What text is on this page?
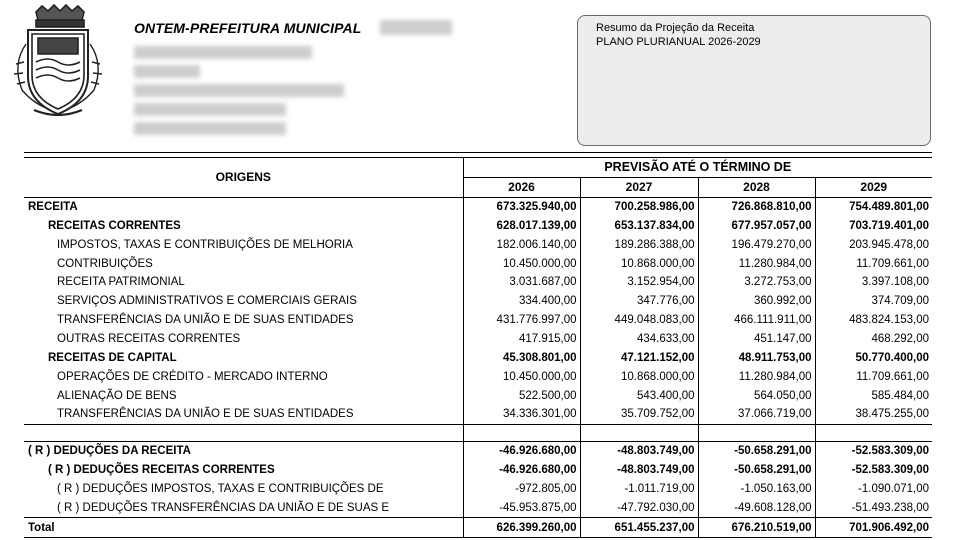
ONTEM-PREFEITURA MUNICIPAL	Resumo da Projeção da Receita
PLANO PLURIANUAL 2026-2029
ORIGENS	PREVISÃO ATÉ O TÉRMINO DE			
	2026	2027	2028	2029
RECEITA	673.325.940,00	700.258.986,00	726.868.810,00	754.489.801,00
RECEITAS CORRENTES	628.017.139,00	653.137.834,00	677.957.057,00	703.719.401,00
IMPOSTOS, TAXAS E CONTRIBUIÇÕES DE MELHORIA	182.006.140,00	189.286.388,00	196.479.270,00	203.945.478,00
CONTRIBUIÇÕES	10.450.000,00	10.868.000,00	11.280.984,00	11.709.661,00
RECEITA PATRIMONIAL	3.031.687,00	3.152.954,00	3.272.753,00	3.397.108,00
SERVIÇOS ADMINISTRATIVOS E COMERCIAIS GERAIS	334.400,00	347.776,00	360.992,00	374.709,00
TRANSFERÊNCIAS DA UNIÃO E DE SUAS ENTIDADES	431.776.997,00	449.048.083,00	466.111.911,00	483.824.153,00
OUTRAS RECEITAS CORRENTES	417.915,00	434.633,00	451.147,00	468.292,00
RECEITAS DE CAPITAL	45.308.801,00	47.121.152,00	48.911.753,00	50.770.400,00
OPERAÇÕES DE CRÉDITO - MERCADO INTERNO	10.450.000,00	10.868.000,00	11.280.984,00	11.709.661,00
ALIENAÇÃO DE BENS	522.500,00	543.400,00	564.050,00	585.484,00
TRANSFERÊNCIAS DA UNIÃO E DE SUAS ENTIDADES	34.336.301,00	35.709.752,00	37.066.719,00	38.475.255,00

( R ) DEDUÇÕES DA RECEITA	-46.926.680,00	-48.803.749,00	-50.658.291,00	-52.583.309,00
( R ) DEDUÇÕES RECEITAS CORRENTES	-46.926.680,00	-48.803.749,00	-50.658.291,00	-52.583.309,00
( R ) DEDUÇÕES IMPOSTOS, TAXAS E CONTRIBUIÇÕES DE	-972.805,00	-1.011.719,00	-1.050.163,00	-1.090.071,00
( R ) DEDUÇÕES TRANSFERÊNCIAS DA UNIÃO E DE SUAS E	-45.953.875,00	-47.792.030,00	-49.608.128,00	-51.493.238,00
Total	626.399.260,00	651.455.237,00	676.210.519,00	701.906.492,00
